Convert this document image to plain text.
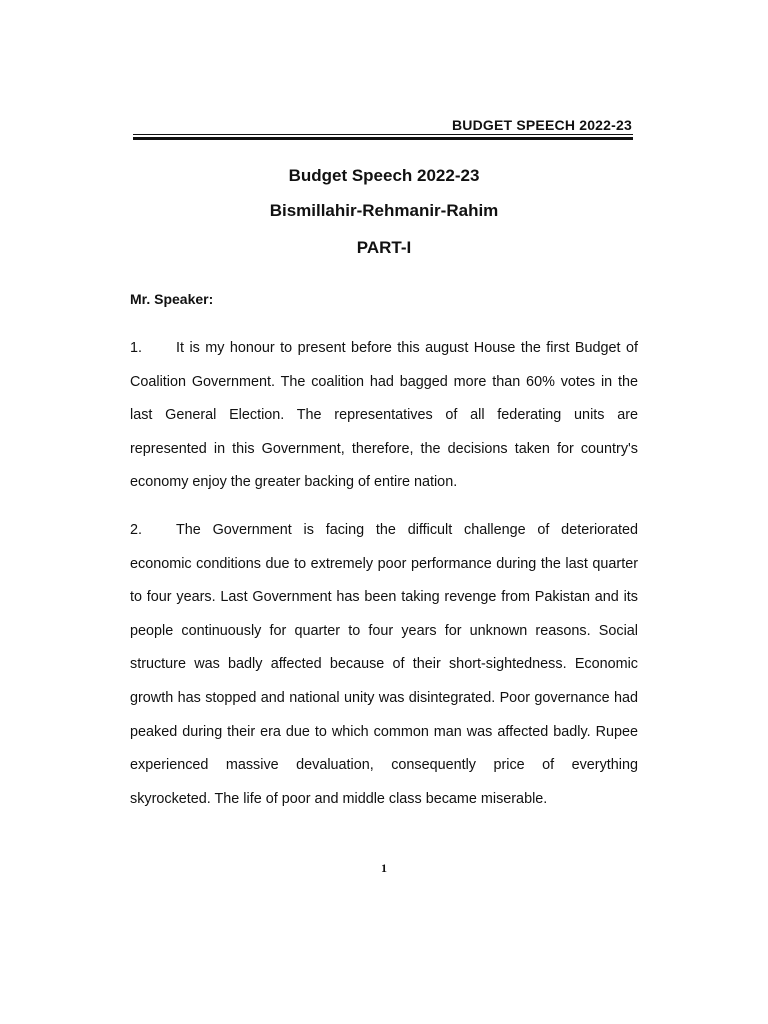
BUDGET SPEECH 2022-23
Budget Speech 2022-23
Bismillahir-Rehmanir-Rahim
PART-I
Mr. Speaker:

1. It is my honour to present before this august House the first Budget of Coalition Government. The coalition had bagged more than 60% votes in the last General Election. The representatives of all federating units are represented in this Government, therefore, the decisions taken for country's economy enjoy the greater backing of entire nation.

2. The Government is facing the difficult challenge of deteriorated economic conditions due to extremely poor performance during the last quarter to four years. Last Government has been taking revenge from Pakistan and its people continuously for quarter to four years for unknown reasons. Social structure was badly affected because of their short-sightedness. Economic growth has stopped and national unity was disintegrated. Poor governance had peaked during their era due to which common man was affected badly. Rupee experienced massive devaluation, consequently price of everything skyrocketed. The life of poor and middle class became miserable.

1
